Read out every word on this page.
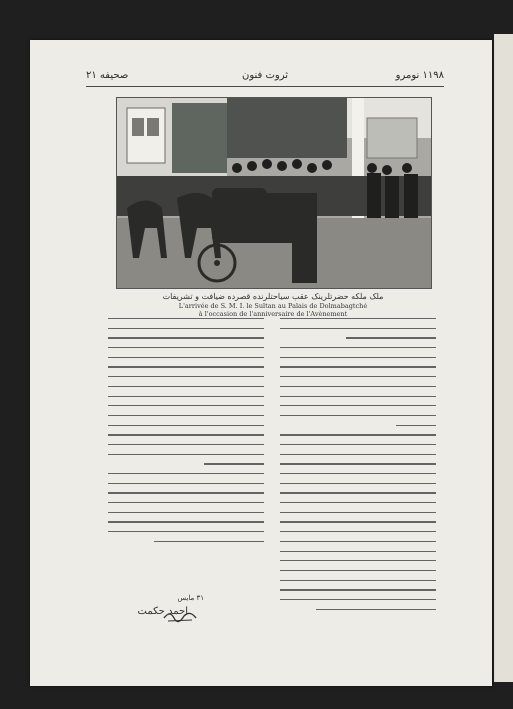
۱۱۹۸ نومرو
ثروت فنون
صحیفه ۲۱
ملک ملکه حضرتلرینک عقب سیاحتلرنده قصرده ضیافت و تشریفات
L'arrivée de S. M. I. le Sultan au Palais de Dolmabagtché
à l'occasion de l'anniversaire de l'Avènement
۳۱ مایس
احمد حکمت
